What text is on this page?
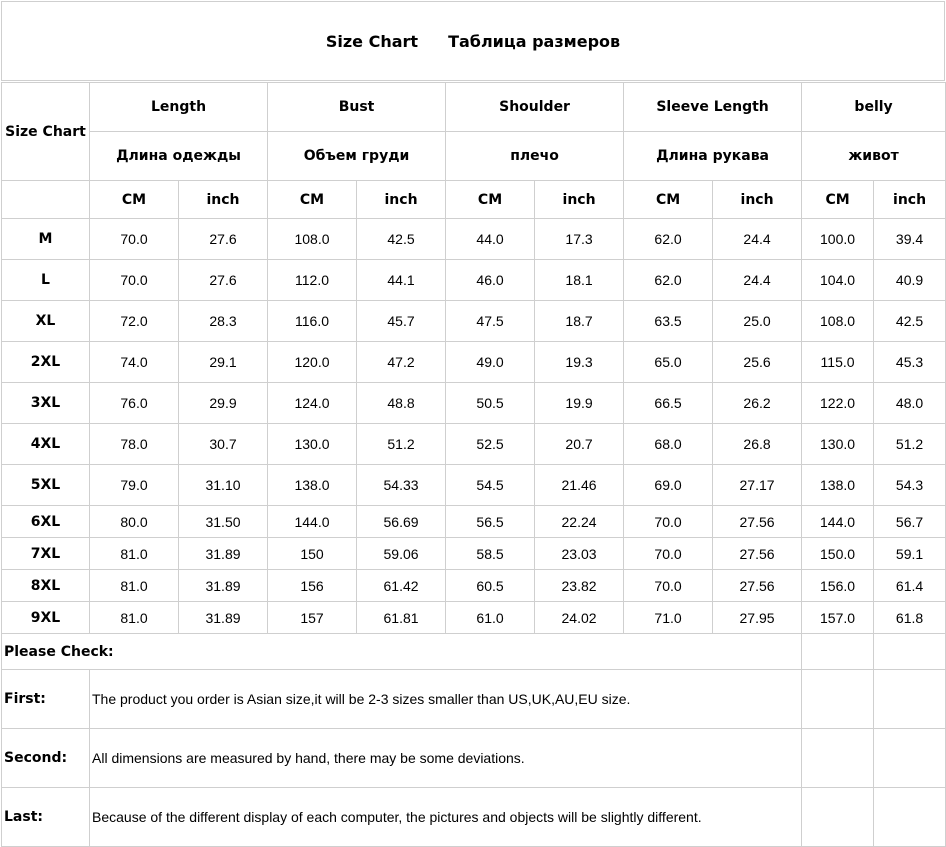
Size Chart Таблица размеров
Size Chart	Length		Bust		Shoulder		Sleeve Length		belly	
	Длина одежды		Объем груди		плечо		Длина рукава		живот	
	CM	inch	CM	inch	CM	inch	CM	inch	CM	inch
M	70.0	27.6	108.0	42.5	44.0	17.3	62.0	24.4	100.0	39.4
L	70.0	27.6	112.0	44.1	46.0	18.1	62.0	24.4	104.0	40.9
XL	72.0	28.3	116.0	45.7	47.5	18.7	63.5	25.0	108.0	42.5
2XL	74.0	29.1	120.0	47.2	49.0	19.3	65.0	25.6	115.0	45.3
3XL	76.0	29.9	124.0	48.8	50.5	19.9	66.5	26.2	122.0	48.0
4XL	78.0	30.7	130.0	51.2	52.5	20.7	68.0	26.8	130.0	51.2
5XL	79.0	31.10	138.0	54.33	54.5	21.46	69.0	27.17	138.0	54.3
6XL	80.0	31.50	144.0	56.69	56.5	22.24	70.0	27.56	144.0	56.7
7XL	81.0	31.89	150	59.06	58.5	23.03	70.0	27.56	150.0	59.1
8XL	81.0	31.89	156	61.42	60.5	23.82	70.0	27.56	156.0	61.4
9XL	81.0	31.89	157	61.81	61.0	24.02	71.0	27.95	157.0	61.8
Please Check:			
First:	The product you order is Asian size,it will be 2-3 sizes smaller than US,UK,AU,EU size.		
Second:	All dimensions are measured by hand, there may be some deviations.		
Last:	Because of the different display of each computer, the pictures and objects will be slightly different.		
